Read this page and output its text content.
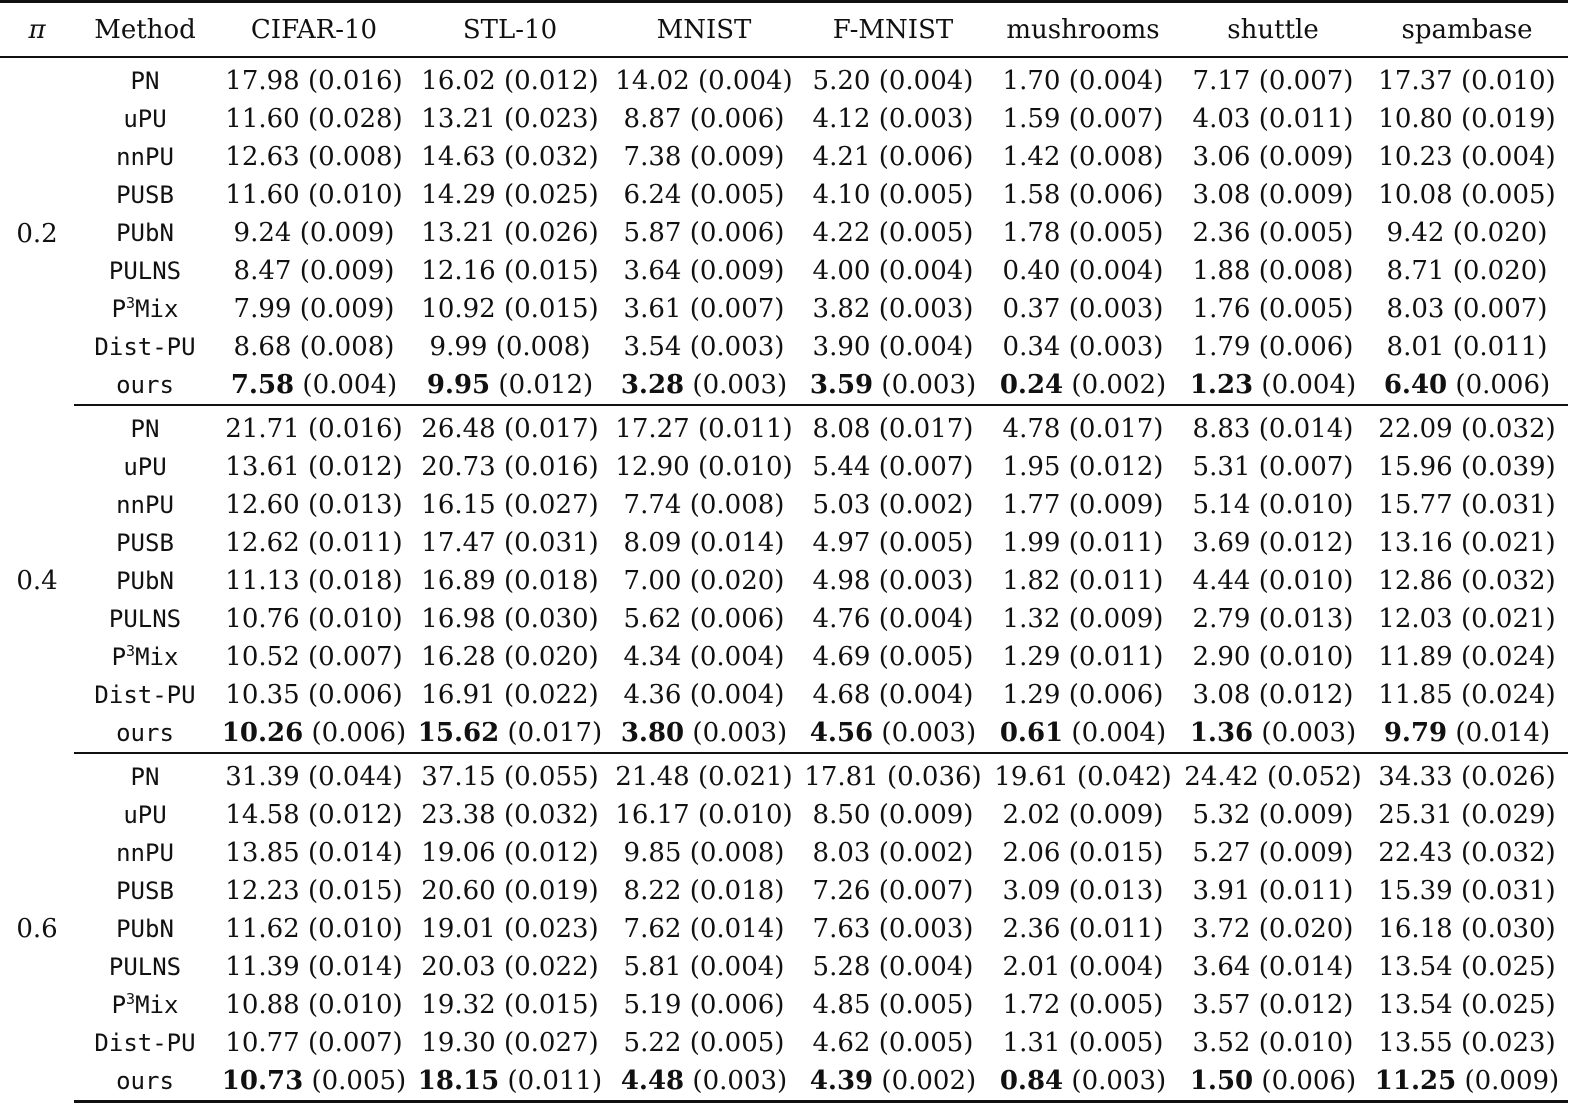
π	Method	CIFAR-10	STL-10	MNIST	F-MNIST	mushrooms	shuttle	spambase
0.2	PN	17.98 (0.016)	16.02 (0.012)	14.02 (0.004)	5.20 (0.004)	1.70 (0.004)	7.17 (0.007)	17.37 (0.010)
	uPU	11.60 (0.028)	13.21 (0.023)	8.87 (0.006)	4.12 (0.003)	1.59 (0.007)	4.03 (0.011)	10.80 (0.019)
	nnPU	12.63 (0.008)	14.63 (0.032)	7.38 (0.009)	4.21 (0.006)	1.42 (0.008)	3.06 (0.009)	10.23 (0.004)
	PUSB	11.60 (0.010)	14.29 (0.025)	6.24 (0.005)	4.10 (0.005)	1.58 (0.006)	3.08 (0.009)	10.08 (0.005)
	PUbN	9.24 (0.009)	13.21 (0.026)	5.87 (0.006)	4.22 (0.005)	1.78 (0.005)	2.36 (0.005)	9.42 (0.020)
	PULNS	8.47 (0.009)	12.16 (0.015)	3.64 (0.009)	4.00 (0.004)	0.40 (0.004)	1.88 (0.008)	8.71 (0.020)
	$P^3Mix$	7.99 (0.009)	10.92 (0.015)	3.61 (0.007)	3.82 (0.003)	0.37 (0.003)	1.76 (0.005)	8.03 (0.007)
	Dist-PU	8.68 (0.008)	9.99 (0.008)	3.54 (0.003)	3.90 (0.004)	0.34 (0.003)	1.79 (0.006)	8.01 (0.011)
	ours	7.58 (0.004)	9.95 (0.012)	3.28 (0.003)	3.59 (0.003)	0.24 (0.002)	1.23 (0.004)	6.40 (0.006)
0.4	PN	21.71 (0.016)	26.48 (0.017)	17.27 (0.011)	8.08 (0.017)	4.78 (0.017)	8.83 (0.014)	22.09 (0.032)
	uPU	13.61 (0.012)	20.73 (0.016)	12.90 (0.010)	5.44 (0.007)	1.95 (0.012)	5.31 (0.007)	15.96 (0.039)
	nnPU	12.60 (0.013)	16.15 (0.027)	7.74 (0.008)	5.03 (0.002)	1.77 (0.009)	5.14 (0.010)	15.77 (0.031)
	PUSB	12.62 (0.011)	17.47 (0.031)	8.09 (0.014)	4.97 (0.005)	1.99 (0.011)	3.69 (0.012)	13.16 (0.021)
	PUbN	11.13 (0.018)	16.89 (0.018)	7.00 (0.020)	4.98 (0.003)	1.82 (0.011)	4.44 (0.010)	12.86 (0.032)
	PULNS	10.76 (0.010)	16.98 (0.030)	5.62 (0.006)	4.76 (0.004)	1.32 (0.009)	2.79 (0.013)	12.03 (0.021)
	$P^3Mix$	10.52 (0.007)	16.28 (0.020)	4.34 (0.004)	4.69 (0.005)	1.29 (0.011)	2.90 (0.010)	11.89 (0.024)
	Dist-PU	10.35 (0.006)	16.91 (0.022)	4.36 (0.004)	4.68 (0.004)	1.29 (0.006)	3.08 (0.012)	11.85 (0.024)
	ours	10.26 (0.006)	15.62 (0.017)	3.80 (0.003)	4.56 (0.003)	0.61 (0.004)	1.36 (0.003)	9.79 (0.014)
0.6	PN	31.39 (0.044)	37.15 (0.055)	21.48 (0.021)	17.81 (0.036)	19.61 (0.042)	24.42 (0.052)	34.33 (0.026)
	uPU	14.58 (0.012)	23.38 (0.032)	16.17 (0.010)	8.50 (0.009)	2.02 (0.009)	5.32 (0.009)	25.31 (0.029)
	nnPU	13.85 (0.014)	19.06 (0.012)	9.85 (0.008)	8.03 (0.002)	2.06 (0.015)	5.27 (0.009)	22.43 (0.032)
	PUSB	12.23 (0.015)	20.60 (0.019)	8.22 (0.018)	7.26 (0.007)	3.09 (0.013)	3.91 (0.011)	15.39 (0.031)
	PUbN	11.62 (0.010)	19.01 (0.023)	7.62 (0.014)	7.63 (0.003)	2.36 (0.011)	3.72 (0.020)	16.18 (0.030)
	PULNS	11.39 (0.014)	20.03 (0.022)	5.81 (0.004)	5.28 (0.004)	2.01 (0.004)	3.64 (0.014)	13.54 (0.025)
	$P^3Mix$	10.88 (0.010)	19.32 (0.015)	5.19 (0.006)	4.85 (0.005)	1.72 (0.005)	3.57 (0.012)	13.54 (0.025)
	Dist-PU	10.77 (0.007)	19.30 (0.027)	5.22 (0.005)	4.62 (0.005)	1.31 (0.005)	3.52 (0.010)	13.55 (0.023)
	ours	10.73 (0.005)	18.15 (0.011)	4.48 (0.003)	4.39 (0.002)	0.84 (0.003)	1.50 (0.006)	11.25 (0.009)
